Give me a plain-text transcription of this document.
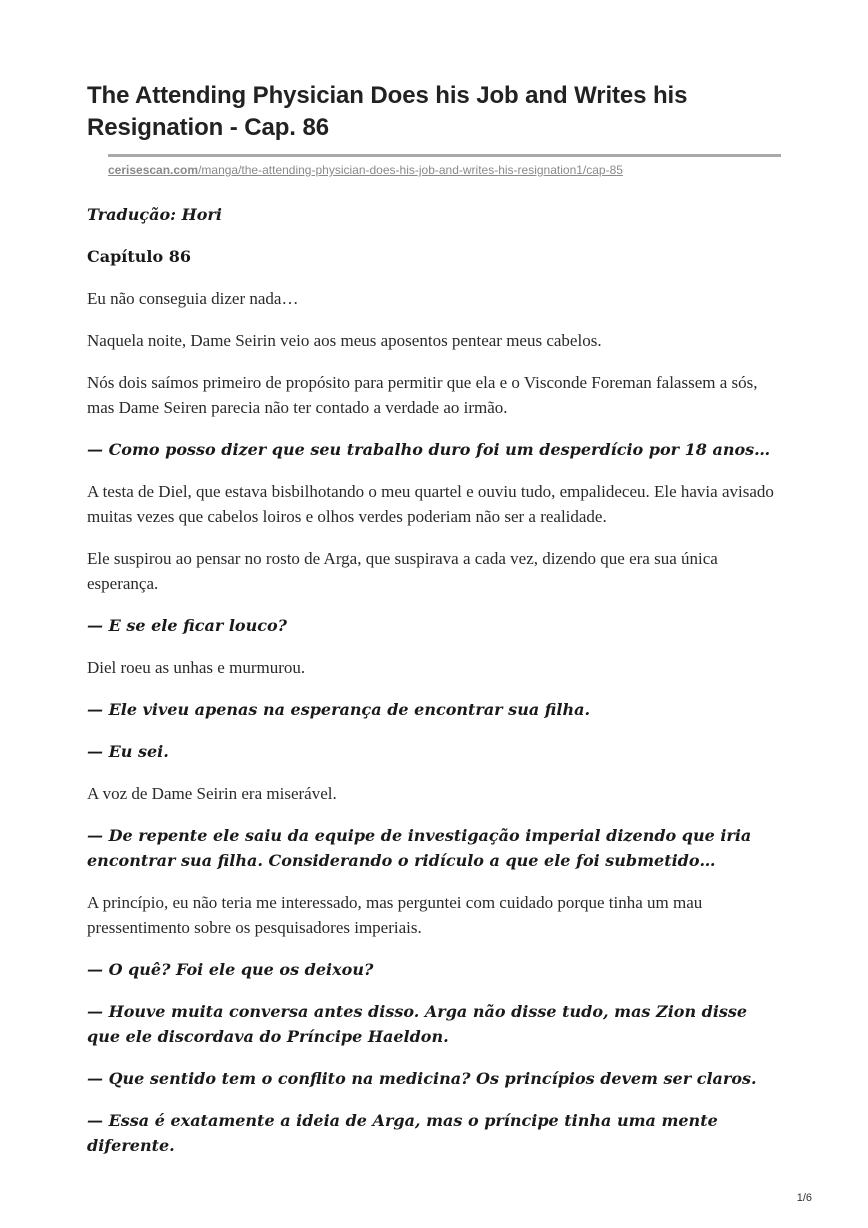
The Attending Physician Does his Job and Writes his Resignation - Cap. 86
cerisescan.com/manga/the-attending-physician-does-his-job-and-writes-his-resignation1/cap-85

Tradução: Hori

Capítulo 86

Eu não conseguia dizer nada…

Naquela noite, Dame Seirin veio aos meus aposentos pentear meus cabelos.

Nós dois saímos primeiro de propósito para permitir que ela e o Visconde Foreman falassem a sós, mas Dame Seiren parecia não ter contado a verdade ao irmão.

— Como posso dizer que seu trabalho duro foi um desperdício por 18 anos…

A testa de Diel, que estava bisbilhotando o meu quartel e ouviu tudo, empalideceu. Ele havia avisado muitas vezes que cabelos loiros e olhos verdes poderiam não ser a realidade.

Ele suspirou ao pensar no rosto de Arga, que suspirava a cada vez, dizendo que era sua única esperança.

— E se ele ficar louco?

Diel roeu as unhas e murmurou.

— Ele viveu apenas na esperança de encontrar sua filha.

— Eu sei.

A voz de Dame Seirin era miserável.

— De repente ele saiu da equipe de investigação imperial dizendo que iria encontrar sua filha. Considerando o ridículo a que ele foi submetido…

A princípio, eu não teria me interessado, mas perguntei com cuidado porque tinha um mau pressentimento sobre os pesquisadores imperiais.

— O quê? Foi ele que os deixou?

— Houve muita conversa antes disso. Arga não disse tudo, mas Zion disse que ele discordava do Príncipe Haeldon.

— Que sentido tem o conflito na medicina? Os princípios devem ser claros.

— Essa é exatamente a ideia de Arga, mas o príncipe tinha uma mente diferente.

1/6
